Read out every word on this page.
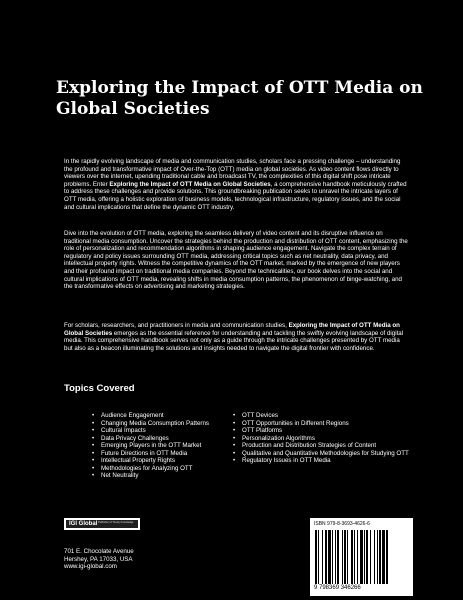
Exploring the Impact of OTT Media on Global Societies
In the rapidly evolving landscape of media and communication studies, scholars face a pressing challenge – understanding the profound and transformative impact of Over-the-Top (OTT) media on global societies. As video content flows directly to viewers over the internet, upending traditional cable and broadcast TV, the complexities of this digital shift pose intricate problems. Enter Exploring the Impact of OTT Media on Global Societies, a comprehensive handbook meticulously crafted to address these challenges and provide solutions. This groundbreaking publication seeks to unravel the intricate layers of OTT media, offering a holistic exploration of business models, technological infrastructure, regulatory issues, and the social and cultural implications that define the dynamic OTT industry.
Dive into the evolution of OTT media, exploring the seamless delivery of video content and its disruptive influence on traditional media consumption. Uncover the strategies behind the production and distribution of OTT content, emphasizing the role of personalization and recommendation algorithms in shaping audience engagement. Navigate the complex terrain of regulatory and policy issues surrounding OTT media, addressing critical topics such as net neutrality, data privacy, and intellectual property rights. Witness the competitive dynamics of the OTT market, marked by the emergence of new players and their profound impact on traditional media companies. Beyond the technicalities, our book delves into the social and cultural implications of OTT media, revealing shifts in media consumption patterns, the phenomenon of binge-watching, and the transformative effects on advertising and marketing strategies.
For scholars, researchers, and practitioners in media and communication studies, Exploring the Impact of OTT Media on Global Societies emerges as the essential reference for understanding and tackling the swiftly evolving landscape of digital media. This comprehensive handbook serves not only as a guide through the intricate challenges presented by OTT media but also as a beacon illuminating the solutions and insights needed to navigate the digital frontier with confidence.
Topics Covered
• Audience Engagement
• Changing Media Consumption Patterns
• Cultural Impacts
• Data Privacy Challenges
• Emerging Players in the OTT Market
• Future Directions in OTT Media
• Intellectual Property Rights
• Methodologies for Analyzing OTT
• Net Neutrality
• OTT Devices
• OTT Opportunities in Different Regions
• OTT Platforms
• Personalization Algorithms
• Production and Distribution Strategies of Content
• Qualitative and Quantitative Methodologies for Studying OTT
• Regulatory Issues in OTT Media
IGI Global Publisher of Timely Knowledge
701 E. Chocolate Avenue
Hershey, PA 17033, USA
www.igi-global.com
ISBN 979-8-3693-4626-6
9 798369 346266
